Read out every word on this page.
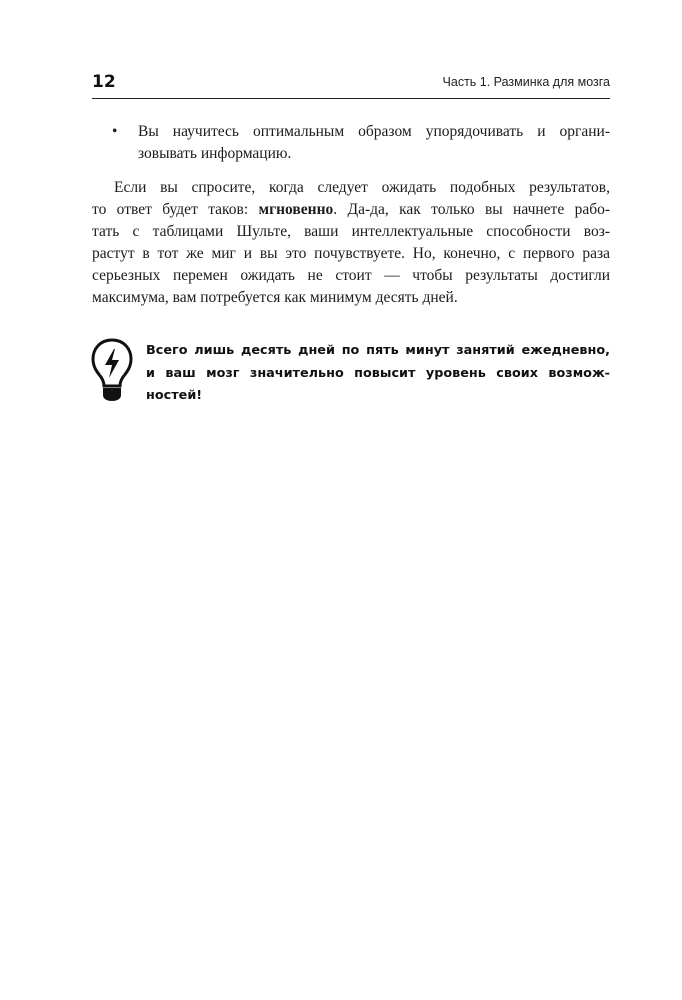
12	Часть 1. Разминка для мозга
• Вы научитесь оптимальным образом упорядочивать и органи-
зовывать информацию.
Если вы спросите, когда следует ожидать подобных результатов,
то ответ будет таков: мгновенно. Да-да, как только вы начнете рабо-
тать с таблицами Шульте, ваши интеллектуальные способности воз-
растут в тот же миг и вы это почувствуете. Но, конечно, с первого раза
серьезных перемен ожидать не стоит — чтобы результаты достигли
максимума, вам потребуется как минимум десять дней.
Всего лишь десять дней по пять минут занятий ежедневно,
и ваш мозг значительно повысит уровень своих возмож-
ностей!
